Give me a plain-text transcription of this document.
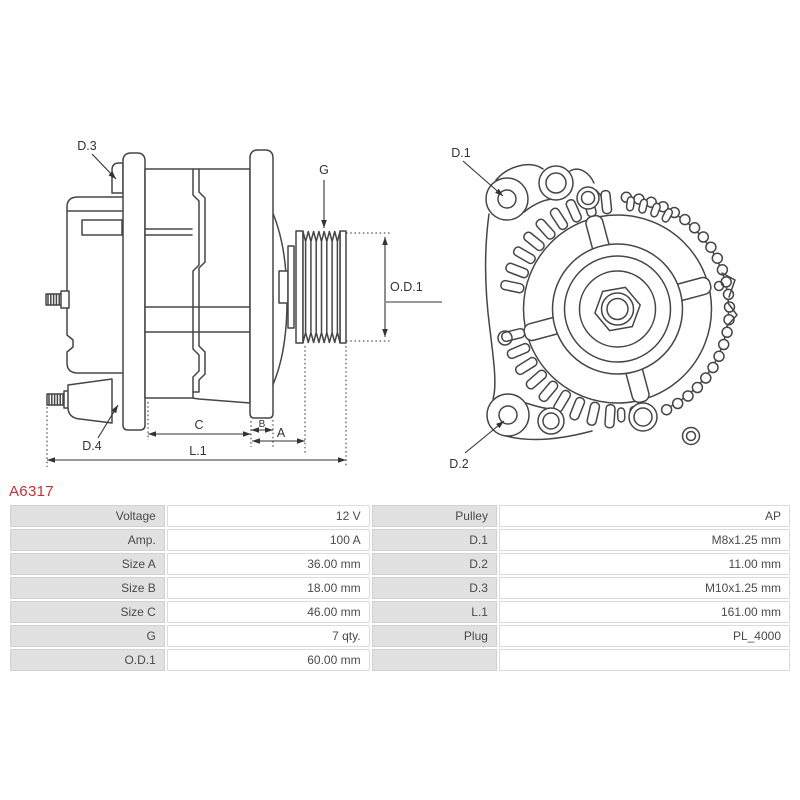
D.3
G
O.D.1
D.4
C	B
A
L.1
D.1
D.2
A6317
Voltage	12 V	Pulley	AP
Amp.	100 A	D.1	M8x1.25 mm
Size A	36.00 mm	D.2	11.00 mm
Size B	18.00 mm	D.3	M10x1.25 mm
Size C	46.00 mm	L.1	161.00 mm
G	7 qty.	Plug	PL_4000
O.D.1	60.00 mm		
